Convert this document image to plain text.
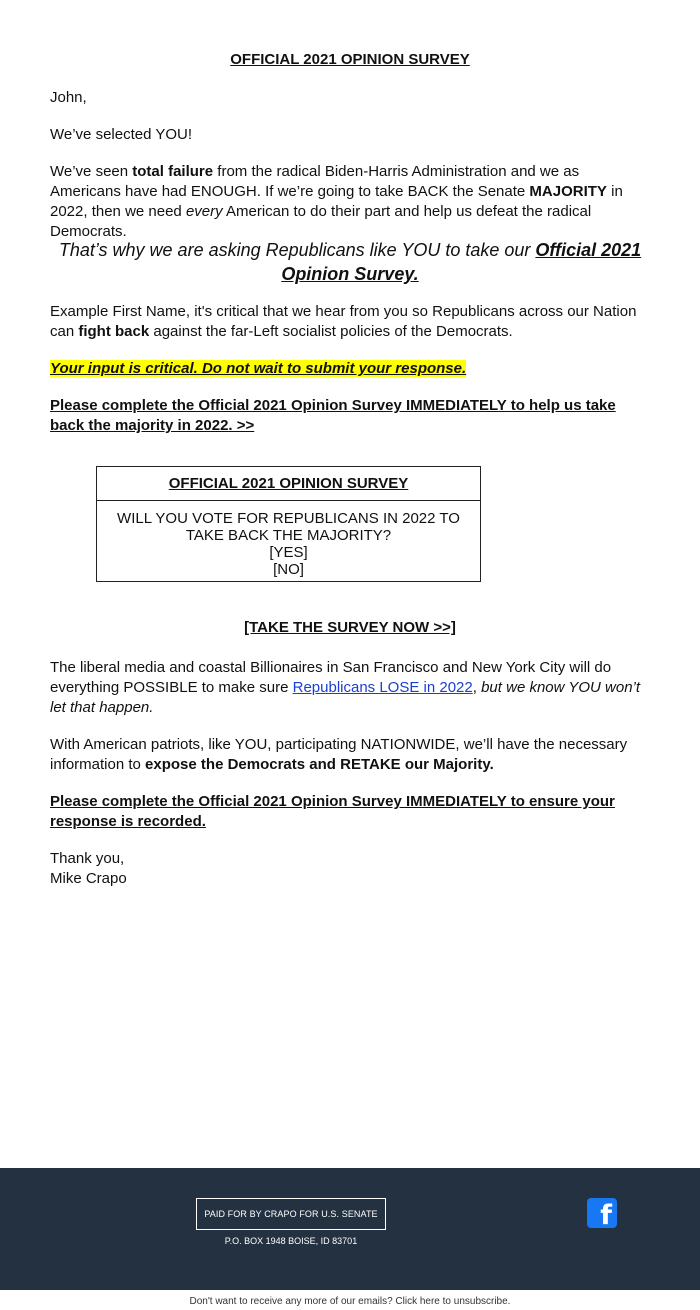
OFFICIAL 2021 OPINION SURVEY

John,

We’ve selected YOU!

We’ve seen total failure from the radical Biden-Harris Administration and we as Americans have had ENOUGH. If we’re going to take BACK the Senate MAJORITY in 2022, then we need every American to do their part and help us defeat the radical Democrats.

That’s why we are asking Republicans like YOU to take our Official 2021 Opinion Survey.

Example First Name, it's critical that we hear from you so Republicans across our Nation can fight back against the far-Left socialist policies of the Democrats.

Your input is critical. Do not wait to submit your response.

Please complete the Official 2021 Opinion Survey IMMEDIATELY to help us take back the majority in 2022. >>

The liberal media and coastal Billionaires in San Francisco and New York City will do everything POSSIBLE to make sure Republicans LOSE in 2022, but we know YOU won’t let that happen.

With American patriots, like YOU, participating NATIONWIDE, we’ll have the necessary information to expose the Democrats and RETAKE our Majority.

Please complete the Official 2021 Opinion Survey IMMEDIATELY to ensure your response is recorded.

Thank you,

Mike Crapo

[TAKE THE SURVEY NOW >>]
OFFICIAL 2021 OPINION SURVEY
WILL YOU VOTE FOR REPUBLICANS IN 2022 TO TAKE BACK THE MAJORITY?
[YES]
[NO]
PAID FOR BY CRAPO FOR U.S. SENATE
P.O. BOX 1948 BOISE, ID 83701
f
Don't want to receive any more of our emails? Click here to unsubscribe.
